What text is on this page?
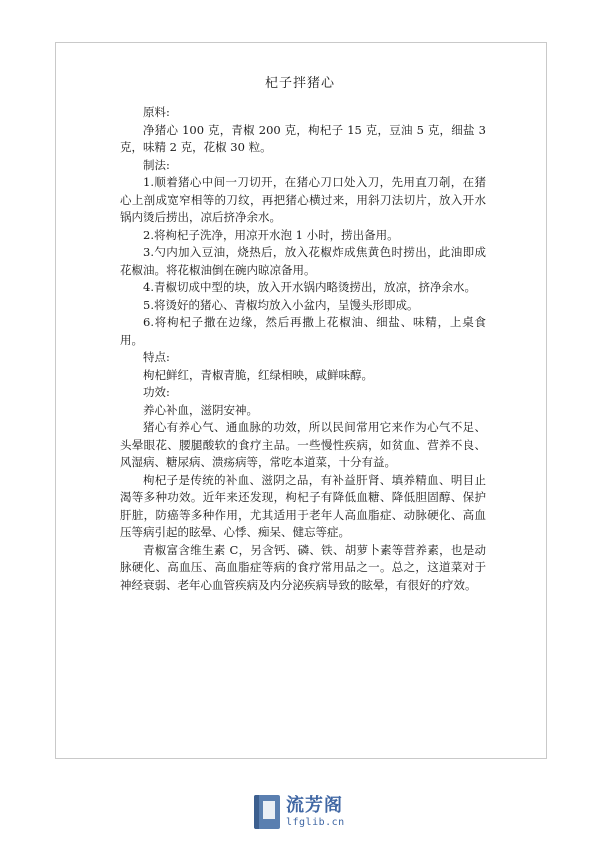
杞子拌猪心

原料:

净猪心 100 克，青椒 200 克，枸杞子 15 克，豆油 5 克，细盐 3 克，味精 2 克，花椒 30 粒。

制法:

1.顺着猪心中间一刀切开，在猪心刀口处入刀，先用直刀剞，在猪心上剖成宽窄相等的刀纹，再把猪心横过来，用斜刀法切片，放入开水锅内烫后捞出，凉后挤净余水。

2.将枸杞子洗净，用凉开水泡 1 小时，捞出备用。

3.勺内加入豆油，烧热后，放入花椒炸成焦黄色时捞出，此油即成花椒油。将花椒油倒在碗内晾凉备用。

4.青椒切成中型的块，放入开水锅内略烫捞出，放凉，挤净余水。

5.将烫好的猪心、青椒均放入小盆内，呈馒头形即成。

6.将枸杞子撒在边缘，然后再撒上花椒油、细盐、味精，上桌食用。

特点:

枸杞鲜红，青椒青脆，红绿相映，咸鲜味醇。

功效:

养心补血，滋阴安神。

猪心有养心气、通血脉的功效，所以民间常用它来作为心气不足、头晕眼花、腰腿酸软的食疗主品。一些慢性疾病，如贫血、营养不良、风湿病、糖尿病、溃疡病等，常吃本道菜，十分有益。

枸杞子是传统的补血、滋阴之品，有补益肝肾、填养精血、明目止渴等多种功效。近年来还发现，枸杞子有降低血糖、降低胆固醇、保护肝脏，防癌等多种作用，尤其适用于老年人高血脂症、动脉硬化、高血压等病引起的眩晕、心悸、痴呆、健忘等症。

青椒富含维生素 C，另含钙、磷、铁、胡萝卜素等营养素，也是动脉硬化、高血压、高血脂症等病的食疗常用品之一。总之，这道菜对于神经衰弱、老年心血管疾病及内分泌疾病导致的眩晕，有很好的疗效。

流芳阁
lfglib.cn
